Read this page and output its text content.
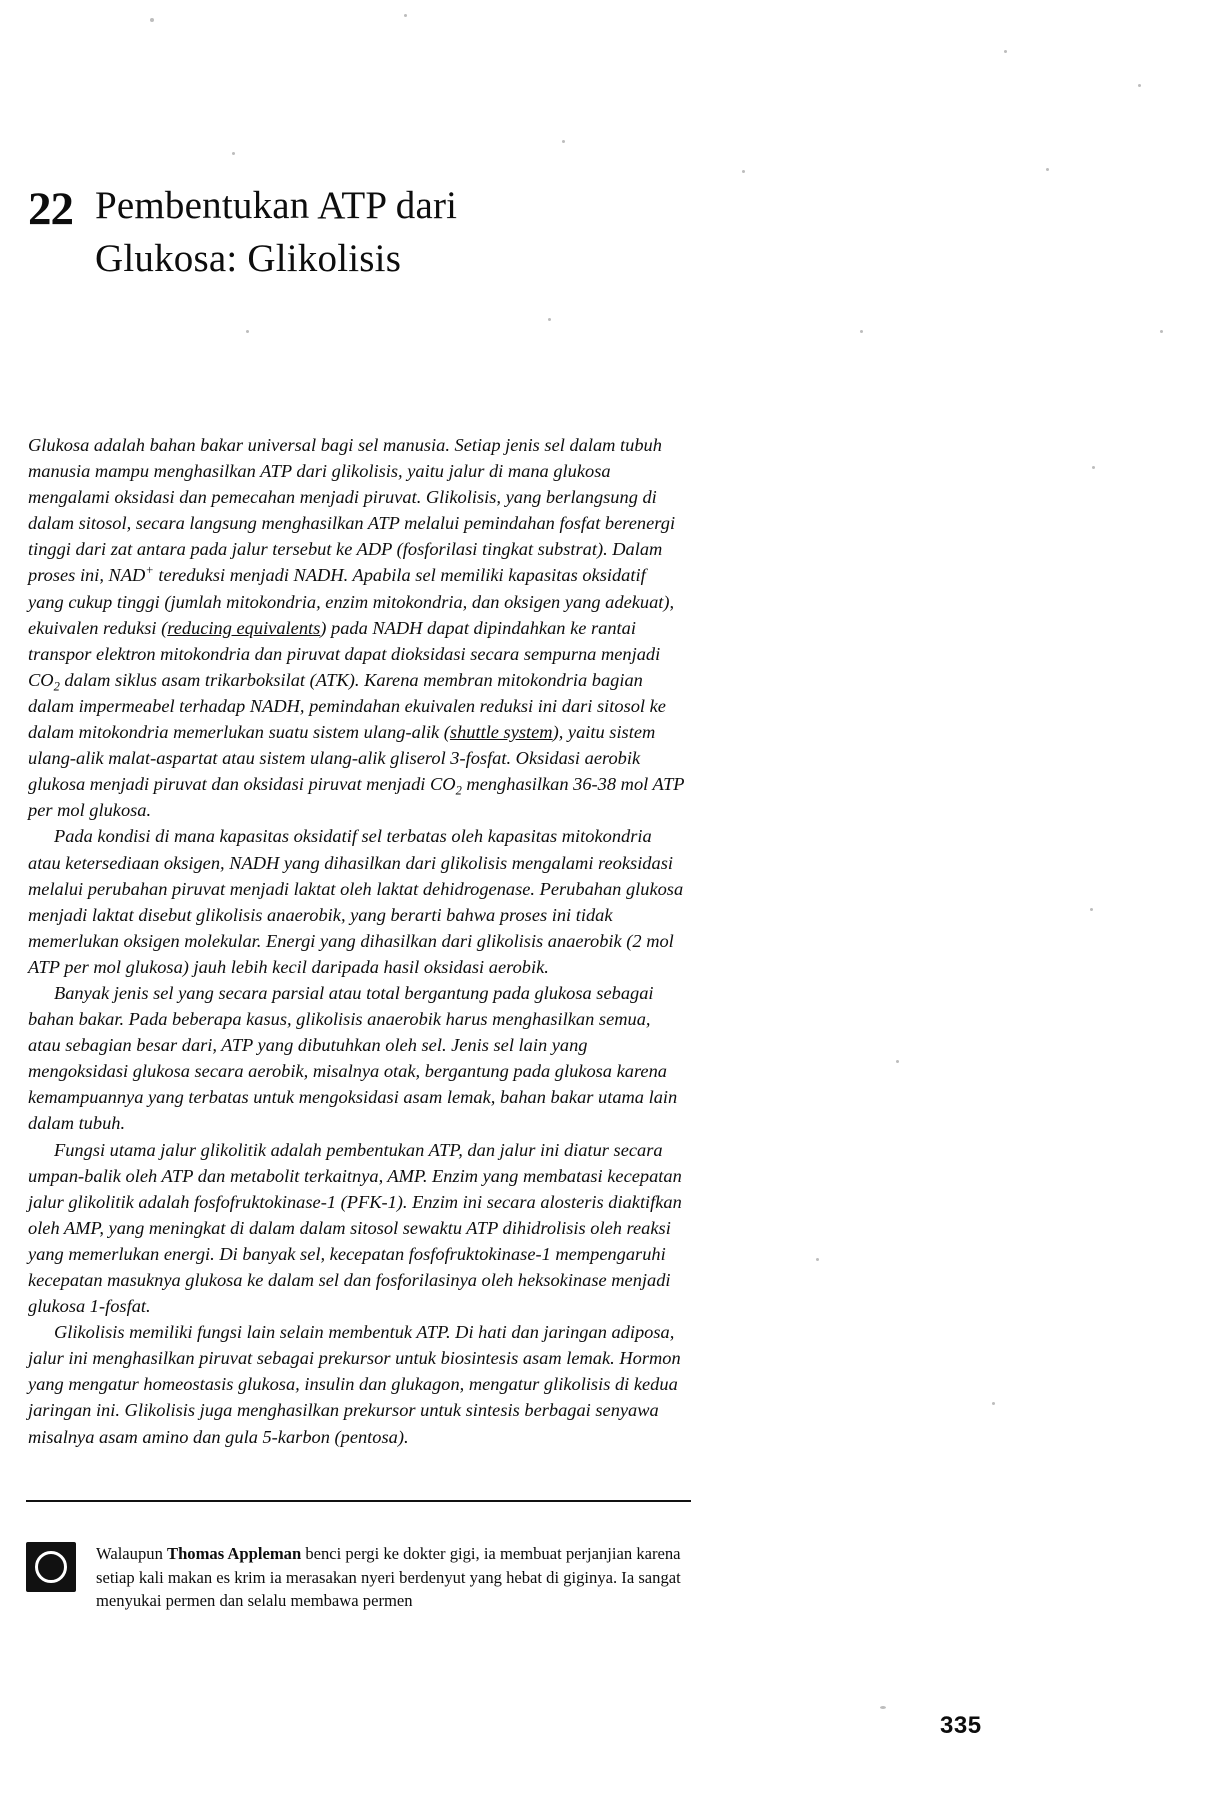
22 Pembentukan ATP dari
Glukosa: Glikolisis

Glukosa adalah bahan bakar universal bagi sel manusia. Setiap jenis sel dalam tubuh manusia mampu menghasilkan ATP dari glikolisis, yaitu jalur di mana glukosa mengalami oksidasi dan pemecahan menjadi piruvat. Glikolisis, yang berlangsung di dalam sitosol, secara langsung menghasilkan ATP melalui pemindahan fosfat berenergi tinggi dari zat antara pada jalur tersebut ke ADP (fosforilasi tingkat substrat). Dalam proses ini, NAD+ tereduksi menjadi NADH. Apabila sel memiliki kapasitas oksidatif yang cukup tinggi (jumlah mitokondria, enzim mitokondria, dan oksigen yang adekuat), ekuivalen reduksi (reducing equivalents) pada NADH dapat dipindahkan ke rantai transpor elektron mitokondria dan piruvat dapat dioksidasi secara sempurna menjadi $CO_2$ dalam siklus asam trikarboksilat (ATK). Karena membran mitokondria bagian dalam impermeabel terhadap NADH, pemindahan ekuivalen reduksi ini dari sitosol ke dalam mitokondria memerlukan suatu sistem ulang-alik (shuttle system), yaitu sistem ulang-alik malat-aspartat atau sistem ulang-alik gliserol 3-fosfat. Oksidasi aerobik glukosa menjadi piruvat dan oksidasi piruvat menjadi $CO_2$ menghasilkan 36-38 mol ATP per mol glukosa.

Pada kondisi di mana kapasitas oksidatif sel terbatas oleh kapasitas mitokondria atau ketersediaan oksigen, NADH yang dihasilkan dari glikolisis mengalami reoksidasi melalui perubahan piruvat menjadi laktat oleh laktat dehidrogenase. Perubahan glukosa menjadi laktat disebut glikolisis anaerobik, yang berarti bahwa proses ini tidak memerlukan oksigen molekular. Energi yang dihasilkan dari glikolisis anaerobik (2 mol ATP per mol glukosa) jauh lebih kecil daripada hasil oksidasi aerobik.

Banyak jenis sel yang secara parsial atau total bergantung pada glukosa sebagai bahan bakar. Pada beberapa kasus, glikolisis anaerobik harus menghasilkan semua, atau sebagian besar dari, ATP yang dibutuhkan oleh sel. Jenis sel lain yang mengoksidasi glukosa secara aerobik, misalnya otak, bergantung pada glukosa karena kemampuannya yang terbatas untuk mengoksidasi asam lemak, bahan bakar utama lain dalam tubuh.

Fungsi utama jalur glikolitik adalah pembentukan ATP, dan jalur ini diatur secara umpan-balik oleh ATP dan metabolit terkaitnya, AMP. Enzim yang membatasi kecepatan jalur glikolitik adalah fosfofruktokinase-1 (PFK-1). Enzim ini secara alosteris diaktifkan oleh AMP, yang meningkat di dalam dalam sitosol sewaktu ATP dihidrolisis oleh reaksi yang memerlukan energi. Di banyak sel, kecepatan fosfofruktokinase-1 mempengaruhi kecepatan masuknya glukosa ke dalam sel dan fosforilasinya oleh heksokinase menjadi glukosa 1-fosfat.

Glikolisis memiliki fungsi lain selain membentuk ATP. Di hati dan jaringan adiposa, jalur ini menghasilkan piruvat sebagai prekursor untuk biosintesis asam lemak. Hormon yang mengatur homeostasis glukosa, insulin dan glukagon, mengatur glikolisis di kedua jaringan ini. Glikolisis juga menghasilkan prekursor untuk sintesis berbagai senyawa misalnya asam amino dan gula 5-karbon (pentosa).

Walaupun Thomas Appleman benci pergi ke dokter gigi, ia membuat perjanjian karena setiap kali makan es krim ia merasakan nyeri berdenyut yang hebat di giginya. Ia sangat menyukai permen dan selalu membawa permen
335
